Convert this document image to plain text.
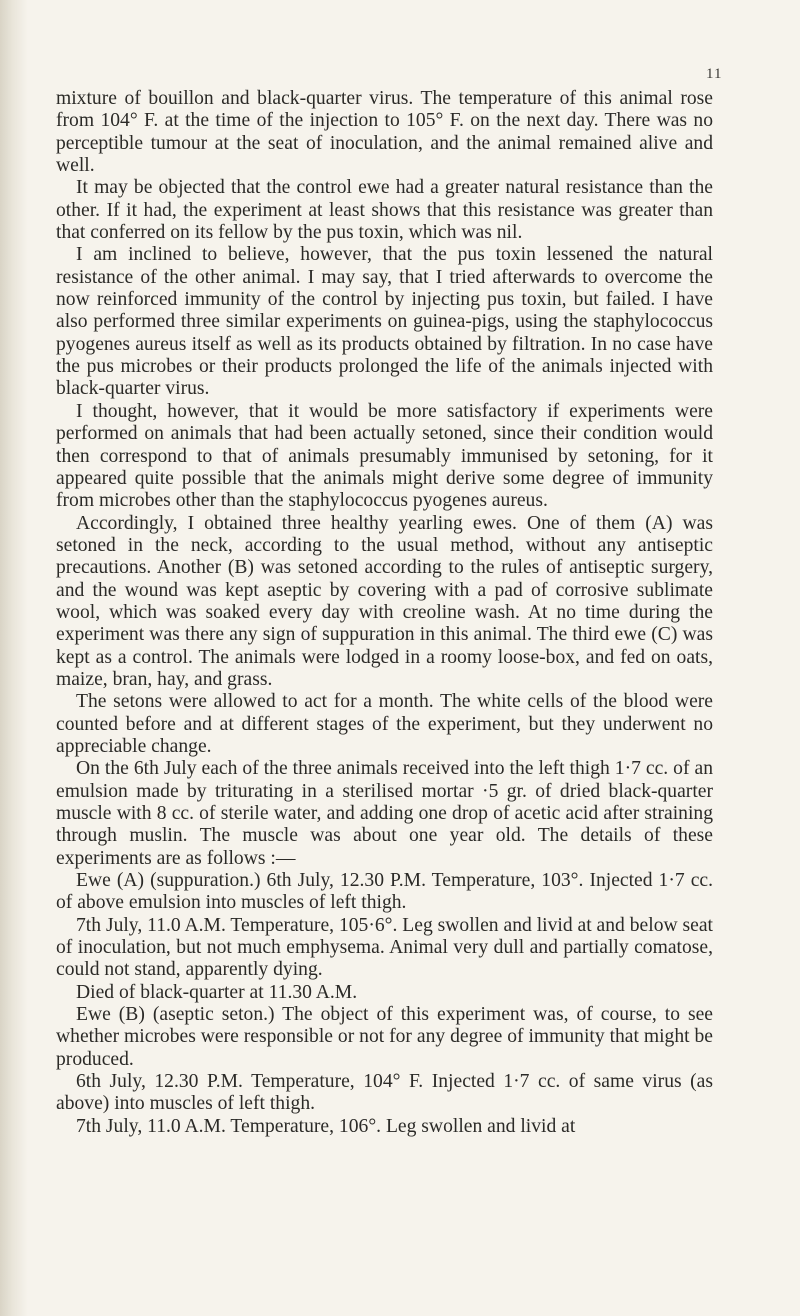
11

mixture of bouillon and black-quarter virus. The temperature of this animal rose from 104° F. at the time of the injection to 105° F. on the next day. There was no perceptible tumour at the seat of inoculation, and the animal remained alive and well.

It may be objected that the control ewe had a greater natural resistance than the other. If it had, the experiment at least shows that this resistance was greater than that conferred on its fellow by the pus toxin, which was nil.

I am inclined to believe, however, that the pus toxin lessened the natural resistance of the other animal. I may say, that I tried afterwards to overcome the now reinforced immunity of the control by injecting pus toxin, but failed. I have also performed three similar experiments on guinea-pigs, using the staphylococcus pyogenes aureus itself as well as its products obtained by filtration. In no case have the pus microbes or their products prolonged the life of the animals injected with black-quarter virus.

I thought, however, that it would be more satisfactory if experiments were performed on animals that had been actually setoned, since their condition would then correspond to that of animals presumably immunised by setoning, for it appeared quite possible that the animals might derive some degree of immunity from microbes other than the staphylococcus pyogenes aureus.

Accordingly, I obtained three healthy yearling ewes. One of them (A) was setoned in the neck, according to the usual method, without any antiseptic precautions. Another (B) was setoned according to the rules of antiseptic surgery, and the wound was kept aseptic by covering with a pad of corrosive sublimate wool, which was soaked every day with creoline wash. At no time during the experiment was there any sign of suppuration in this animal. The third ewe (C) was kept as a control. The animals were lodged in a roomy loose-box, and fed on oats, maize, bran, hay, and grass.

The setons were allowed to act for a month. The white cells of the blood were counted before and at different stages of the experiment, but they underwent no appreciable change.

On the 6th July each of the three animals received into the left thigh 1·7 cc. of an emulsion made by triturating in a sterilised mortar ·5 gr. of dried black-quarter muscle with 8 cc. of sterile water, and adding one drop of acetic acid after straining through muslin. The muscle was about one year old. The details of these experiments are as follows :—

Ewe (A) (suppuration.) 6th July, 12.30 P.M. Temperature, 103°. Injected 1·7 cc. of above emulsion into muscles of left thigh.

7th July, 11.0 A.M. Temperature, 105·6°. Leg swollen and livid at and below seat of inoculation, but not much emphysema. Animal very dull and partially comatose, could not stand, apparently dying.

Died of black-quarter at 11.30 A.M.

Ewe (B) (aseptic seton.) The object of this experiment was, of course, to see whether microbes were responsible or not for any degree of immunity that might be produced.

6th July, 12.30 P.M. Temperature, 104° F. Injected 1·7 cc. of same virus (as above) into muscles of left thigh.

7th July, 11.0 A.M. Temperature, 106°. Leg swollen and livid at
